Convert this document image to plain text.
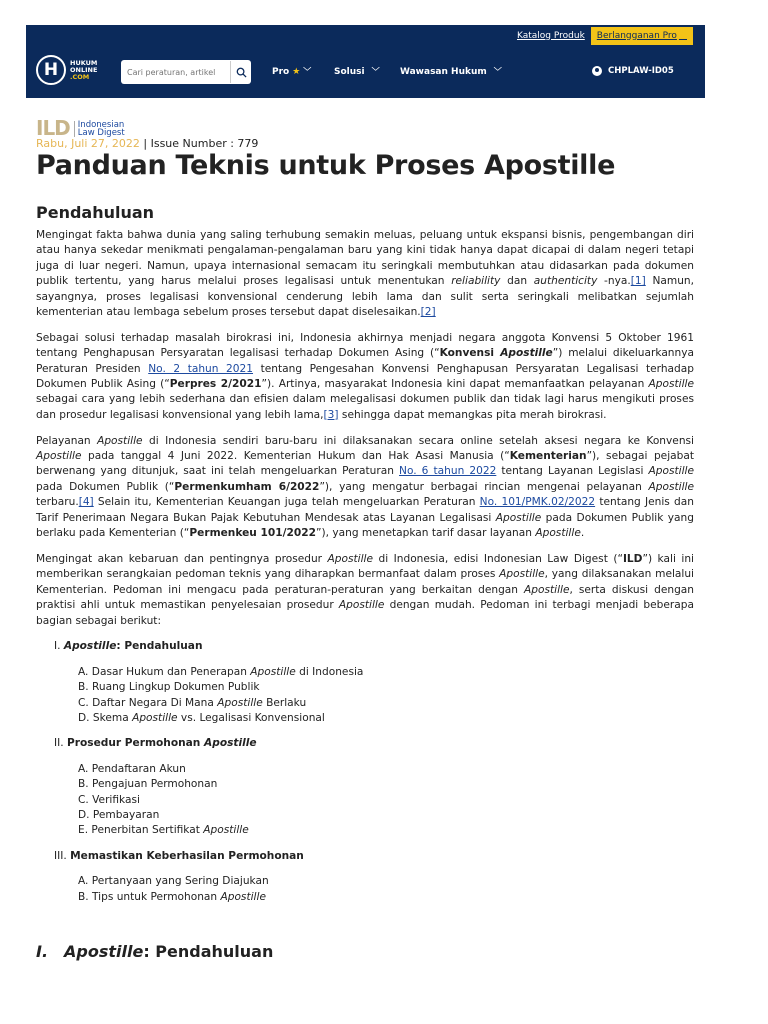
Katalog Produk Berlangganan Pro ★
H	HUKUM
ONLINE
.COM
Cari peraturan, artikel	Pro ★ ﹀	Solusi ﹀ Wawasan Hukum ﹀	CHPLAW-ID05
ILD Indonesian
Law Digest
Rabu, Juli 27, 2022 | Issue Number : 779
Panduan Teknis untuk Proses Apostille
Pendahuluan

Mengingat fakta bahwa dunia yang saling terhubung semakin meluas, peluang untuk ekspansi bisnis, pengembangan diri atau hanya sekedar menikmati pengalaman-pengalaman baru yang kini tidak hanya dapat dicapai di dalam negeri tetapi juga di luar negeri. Namun, upaya internasional semacam itu seringkali membutuhkan atau didasarkan pada dokumen publik tertentu, yang harus melalui proses legalisasi untuk menentukan reliability dan authenticity -nya.[1] Namun, sayangnya, proses legalisasi konvensional cenderung lebih lama dan sulit serta seringkali melibatkan sejumlah kementerian atau lembaga sebelum proses tersebut dapat diselesaikan.[2]

Sebagai solusi terhadap masalah birokrasi ini, Indonesia akhirnya menjadi negara anggota Konvensi 5 Oktober 1961 tentang Penghapusan Persyaratan legalisasi terhadap Dokumen Asing (“Konvensi Apostille”) melalui dikeluarkannya Peraturan Presiden No. 2 tahun 2021 tentang Pengesahan Konvensi Penghapusan Persyaratan Legalisasi terhadap Dokumen Publik Asing (“Perpres 2/2021”). Artinya, masyarakat Indonesia kini dapat memanfaatkan pelayanan Apostille sebagai cara yang lebih sederhana dan efisien dalam melegalisasi dokumen publik dan tidak lagi harus mengikuti proses dan prosedur legalisasi konvensional yang lebih lama,[3] sehingga dapat memangkas pita merah birokrasi.

Pelayanan Apostille di Indonesia sendiri baru-baru ini dilaksanakan secara online setelah aksesi negara ke Konvensi Apostille pada tanggal 4 Juni 2022. Kementerian Hukum dan Hak Asasi Manusia (“Kementerian”), sebagai pejabat berwenang yang ditunjuk, saat ini telah mengeluarkan Peraturan No. 6 tahun 2022 tentang Layanan Legislasi Apostille pada Dokumen Publik (“Permenkumham 6/2022”), yang mengatur berbagai rincian mengenai pelayanan Apostille terbaru.[4] Selain itu, Kementerian Keuangan juga telah mengeluarkan Peraturan No. 101/PMK.02/2022 tentang Jenis dan Tarif Penerimaan Negara Bukan Pajak Kebutuhan Mendesak atas Layanan Legalisasi Apostille pada Dokumen Publik yang berlaku pada Kementerian (“Permenkeu 101/2022”), yang menetapkan tarif dasar layanan Apostille.

Mengingat akan kebaruan dan pentingnya prosedur Apostille di Indonesia, edisi Indonesian Law Digest (“ILD”) kali ini memberikan serangkaian pedoman teknis yang diharapkan bermanfaat dalam proses Apostille, yang dilaksanakan melalui Kementerian. Pedoman ini mengacu pada peraturan-peraturan yang berkaitan dengan Apostille, serta diskusi dengan praktisi ahli untuk memastikan penyelesaian prosedur Apostille dengan mudah. Pedoman ini terbagi menjadi beberapa bagian sebagai berikut:

I. Apostille: Pendahuluan
A. Dasar Hukum dan Penerapan Apostille di Indonesia
B. Ruang Lingkup Dokumen Publik
C. Daftar Negara Di Mana Apostille Berlaku
D. Skema Apostille vs. Legalisasi Konvensional
II. Prosedur Permohonan Apostille
A. Pendaftaran Akun
B. Pengajuan Permohonan
C. Verifikasi
D. Pembayaran
E. Penerbitan Sertifikat Apostille
III. Memastikan Keberhasilan Permohonan
A. Pertanyaan yang Sering Diajukan
B. Tips untuk Permohonan Apostille
I. Apostille: Pendahuluan
